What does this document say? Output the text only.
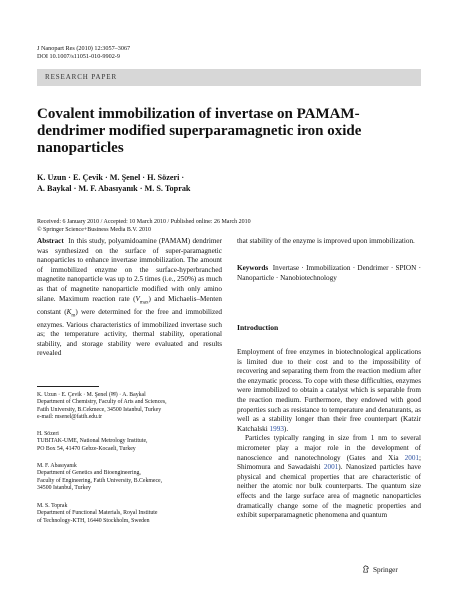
J Nanopart Res (2010) 12:3057–3067
DOI 10.1007/s11051-010-9902-9
RESEARCH PAPER
Covalent immobilization of invertase on PAMAM-dendrimer modified superparamagnetic iron oxide nanoparticles
K. Uzun · E. Çevik · M. Şenel · H. Sözeri ·
A. Baykal · M. F. Abasıyanık · M. S. Toprak
Received: 6 January 2010 / Accepted: 10 March 2010 / Published online: 26 March 2010
© Springer Science+Business Media B.V. 2010
Abstract In this study, polyamidoamine (PAMAM) dendrimer was synthesized on the surface of super-paramagnetic nanoparticles to enhance invertase immobilization. The amount of immobilized enzyme on the surface-hyperbranched magnetite nanoparticle was up to 2.5 times (i.e., 250%) as much as that of magnetite nanoparticle modified with only amino silane. Maximum reaction rate $(V_{max})$ and Michaelis–Menten constant $(K_m)$ were determined for the free and immobilized enzymes. Various characteristics of immobilized invertase such as; the temperature activity, thermal stability, operational stability, and storage stability were evaluated and results revealed
K. Uzun · E. Çevik · M. Şenel (✉) · A. Baykal
Department of Chemistry, Faculty of Arts and Sciences,
Fatih University, B.Cekmece, 34500 Istanbul, Turkey
e-mail: msenel@fatih.edu.tr
H. Sözeri
TUBITAK-UME, National Metrology Institute,
PO Box 54, 41470 Gebze-Kocaeli, Turkey
M. F. Abasıyanık
Department of Genetics and Bioengineering,
Faculty of Engineering, Fatih University, B.Cekmece,
34500 Istanbul, Turkey
M. S. Toprak
Department of Functional Materials, Royal Institute
of Technology-KTH, 16440 Stockholm, Sweden
that stability of the enzyme is improved upon immobilization.
Keywords Invertase · Immobilization · Dendrimer · SPION · Nanoparticle · Nanobiotechnology
Introduction
Employment of free enzymes in biotechnological applications is limited due to their cost and to the impossibility of recovering and separating them from the reaction medium after the enzymatic process. To cope with these difficulties, enzymes were immobilized to obtain a catalyst which is separable from the reaction medium. Furthermore, they endowed with good properties such as resistance to temperature and denaturants, as well as a stability longer than their free counterpart (Katzir Katchalski 1993).
Particles typically ranging in size from 1 nm to several micrometer play a major role in the development of nanoscience and nanotechnology (Gates and Xia 2001; Shimomura and Sawadaishi 2001). Nanosized particles have physical and chemical properties that are characteristic of neither the atomic nor bulk counterparts. The quantum size effects and the large surface area of magnetic nanoparticles dramatically change some of the magnetic properties and exhibit superparamagnetic phenomena and quantum
Springer
